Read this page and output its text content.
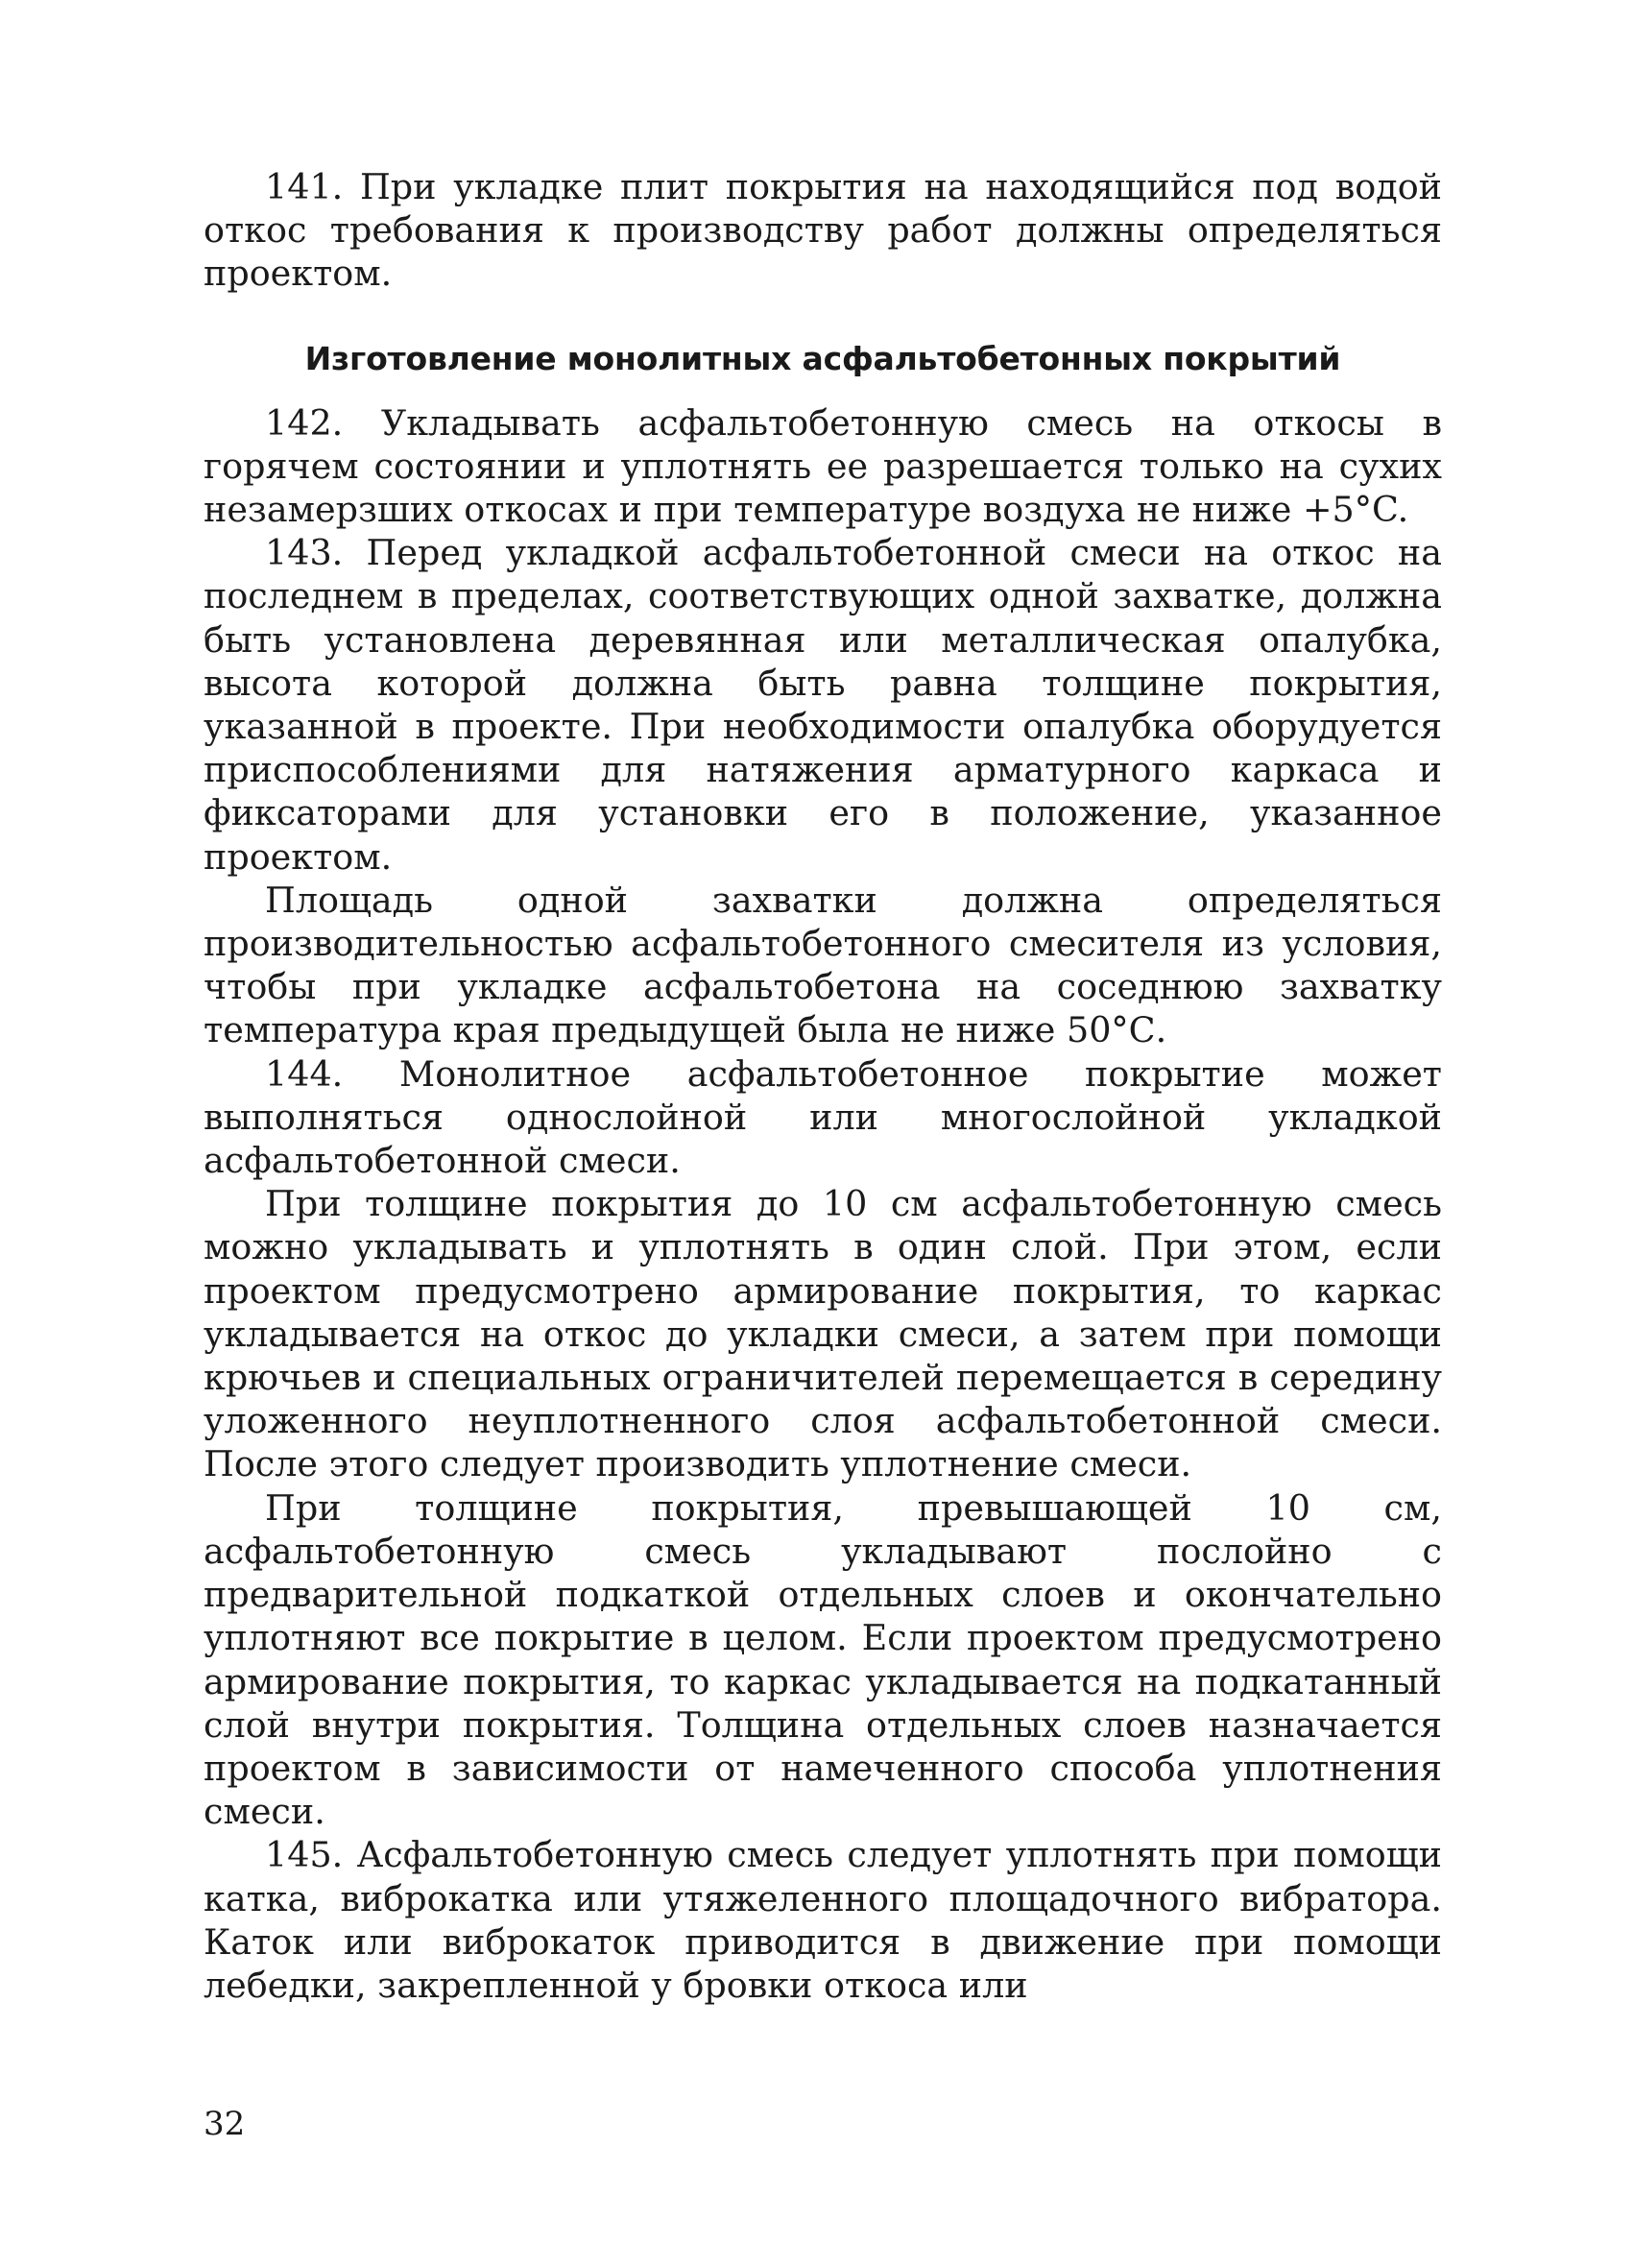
141. При укладке плит покрытия на находящийся под водой откос требования к производству работ должны определяться проектом.

Изготовление монолитных асфальтобетонных покрытий

142. Укладывать асфальтобетонную смесь на откосы в горячем состоянии и уплотнять ее разрешается только на сухих незамерзших откосах и при температуре воздуха не ниже +5°C.

143. Перед укладкой асфальтобетонной смеси на откос на последнем в пределах, соответствующих одной захватке, должна быть установлена деревянная или металлическая опалубка, высота которой должна быть равна толщине покрытия, указанной в проекте. При необходимости опалубка оборудуется приспособлениями для натяжения арматурного каркаса и фиксаторами для установки его в положение, указанное проектом.

Площадь одной захватки должна определяться производительностью асфальтобетонного смесителя из условия, чтобы при укладке асфальтобетона на соседнюю захватку температура края предыдущей была не ниже 50°С.

144. Монолитное асфальтобетонное покрытие может выполняться однослойной или многослойной укладкой асфальтобетонной смеси.

При толщине покрытия до 10 см асфальтобетонную смесь можно укладывать и уплотнять в один слой. При этом, если проектом предусмотрено армирование покрытия, то каркас укладывается на откос до укладки смеси, а затем при помощи крючьев и специальных ограничителей перемещается в середину уложенного неуплотненного слоя асфальтобетонной смеси. После этого следует производить уплотнение смеси.

При толщине покрытия, превышающей 10 см, асфальтобетонную смесь укладывают послойно с предварительной подкаткой отдельных слоев и окончательно уплотняют все покрытие в целом. Если проектом предусмотрено армирование покрытия, то каркас укладывается на подкатанный слой внутри покрытия. Толщина отдельных слоев назначается проектом в зависимости от намеченного способа уплотнения смеси.

145. Асфальтобетонную смесь следует уплотнять при помощи катка, виброкатка или утяжеленного площадочного вибратора. Каток или виброкаток приводится в движение при помощи лебедки, закрепленной у бровки откоса или

32
